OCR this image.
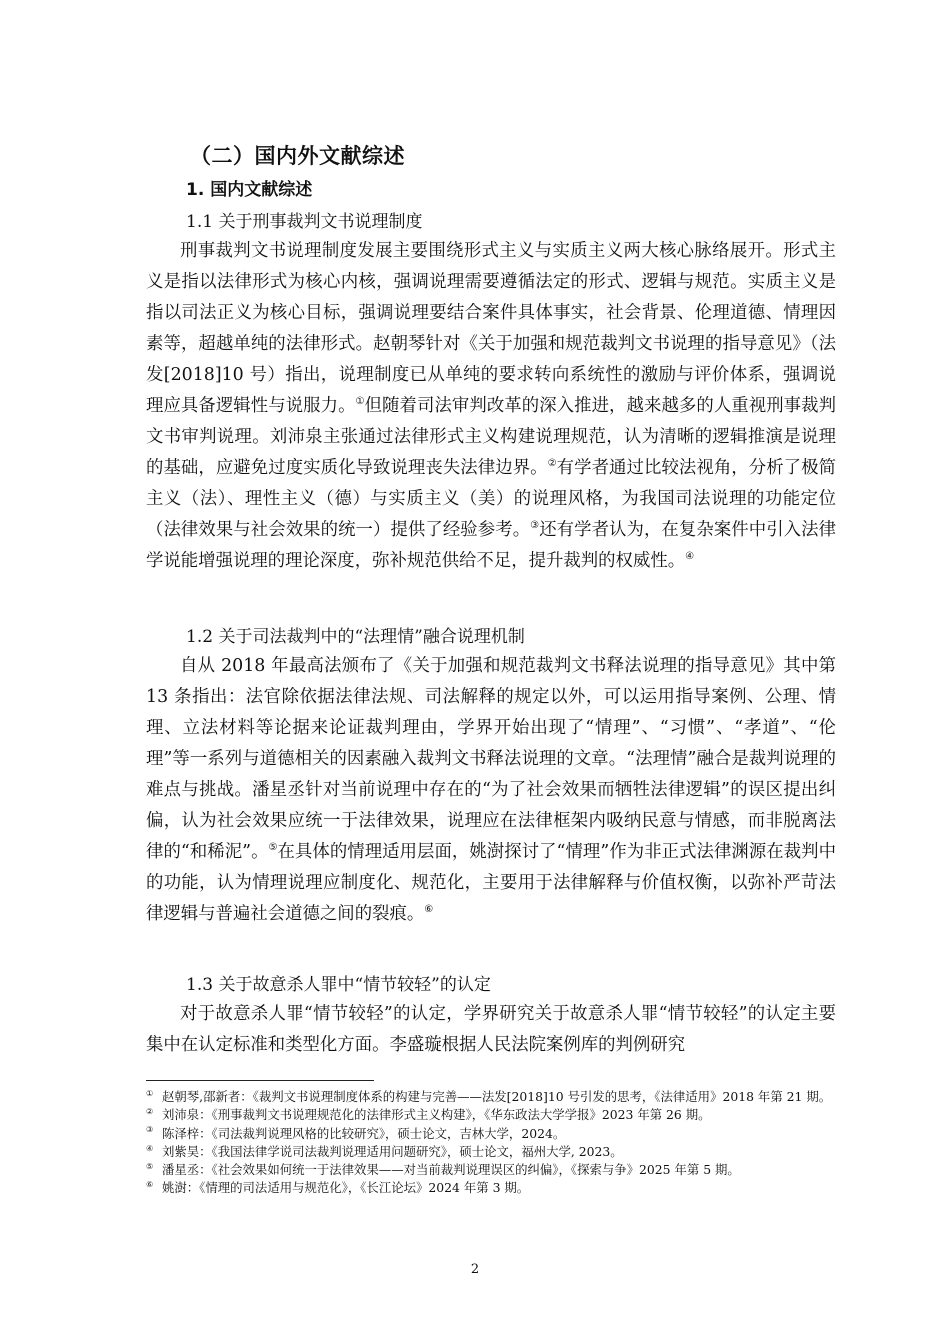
（二）国内外文献综述
1. 国内文献综述
1.1 关于刑事裁判文书说理制度
刑事裁判文书说理制度发展主要围绕形式主义与实质主义两大核心脉络展开。形式主义是指以法律形式为核心内核，强调说理需要遵循法定的形式、逻辑与规范。实质主义是指以司法正义为核心目标，强调说理要结合案件具体事实，社会背景、伦理道德、情理因素等，超越单纯的法律形式。赵朝琴针对《关于加强和规范裁判文书说理的指导意见》（法发[2018]10 号）指出，说理制度已从单纯的要求转向系统性的激励与评价体系，强调说理应具备逻辑性与说服力。①但随着司法审判改革的深入推进，越来越多的人重视刑事裁判文书审判说理。刘沛泉主张通过法律形式主义构建说理规范，认为清晰的逻辑推演是说理的基础，应避免过度实质化导致说理丧失法律边界。②有学者通过比较法视角，分析了极简主义（法）、理性主义（德）与实质主义（美）的说理风格，为我国司法说理的功能定位（法律效果与社会效果的统一）提供了经验参考。③还有学者认为，在复杂案件中引入法律学说能增强说理的理论深度，弥补规范供给不足，提升裁判的权威性。④
1.2 关于司法裁判中的“法理情”融合说理机制
自从 2018 年最高法颁布了《关于加强和规范裁判文书释法说理的指导意见》其中第 13 条指出：法官除依据法律法规、司法解释的规定以外，可以运用指导案例、公理、情理、立法材料等论据来论证裁判理由，学界开始出现了“情理”、“习惯”、“孝道”、“伦理”等一系列与道德相关的因素融入裁判文书释法说理的文章。“法理情”融合是裁判说理的难点与挑战。潘星丞针对当前说理中存在的“为了社会效果而牺牲法律逻辑”的误区提出纠偏，认为社会效果应统一于法律效果，说理应在法律框架内吸纳民意与情感，而非脱离法律的“和稀泥”。⑤在具体的情理适用层面，姚澍探讨了“情理”作为非正式法律渊源在裁判中的功能，认为情理说理应制度化、规范化，主要用于法律解释与价值权衡，以弥补严苛法律逻辑与普遍社会道德之间的裂痕。⑥
1.3 关于故意杀人罪中“情节较轻”的认定
对于故意杀人罪“情节较轻”的认定，学界研究关于故意杀人罪“情节较轻”的认定主要集中在认定标准和类型化方面。李盛璇根据人民法院案例库的判例研究
① 赵朝琴,邵新者：《裁判文书说理制度体系的构建与完善——法发[2018]10 号引发的思考，《法律适用》2018 年第 21 期。
② 刘沛泉：《刑事裁判文书说理规范化的法律形式主义构建》，《华东政法大学学报》2023 年第 26 期。
③ 陈泽梓：《司法裁判说理风格的比较研究》，硕士论文，吉林大学，2024。
④ 刘紫昊：《我国法律学说司法裁判说理适用问题研究》，硕士论文，福州大学, 2023。
⑤ 潘星丞：《社会效果如何统一于法律效果——对当前裁判说理误区的纠偏》，《探索与争》2025 年第 5 期。
⑥ 姚澍：《情理的司法适用与规范化》，《长江论坛》2024 年第 3 期。
2
